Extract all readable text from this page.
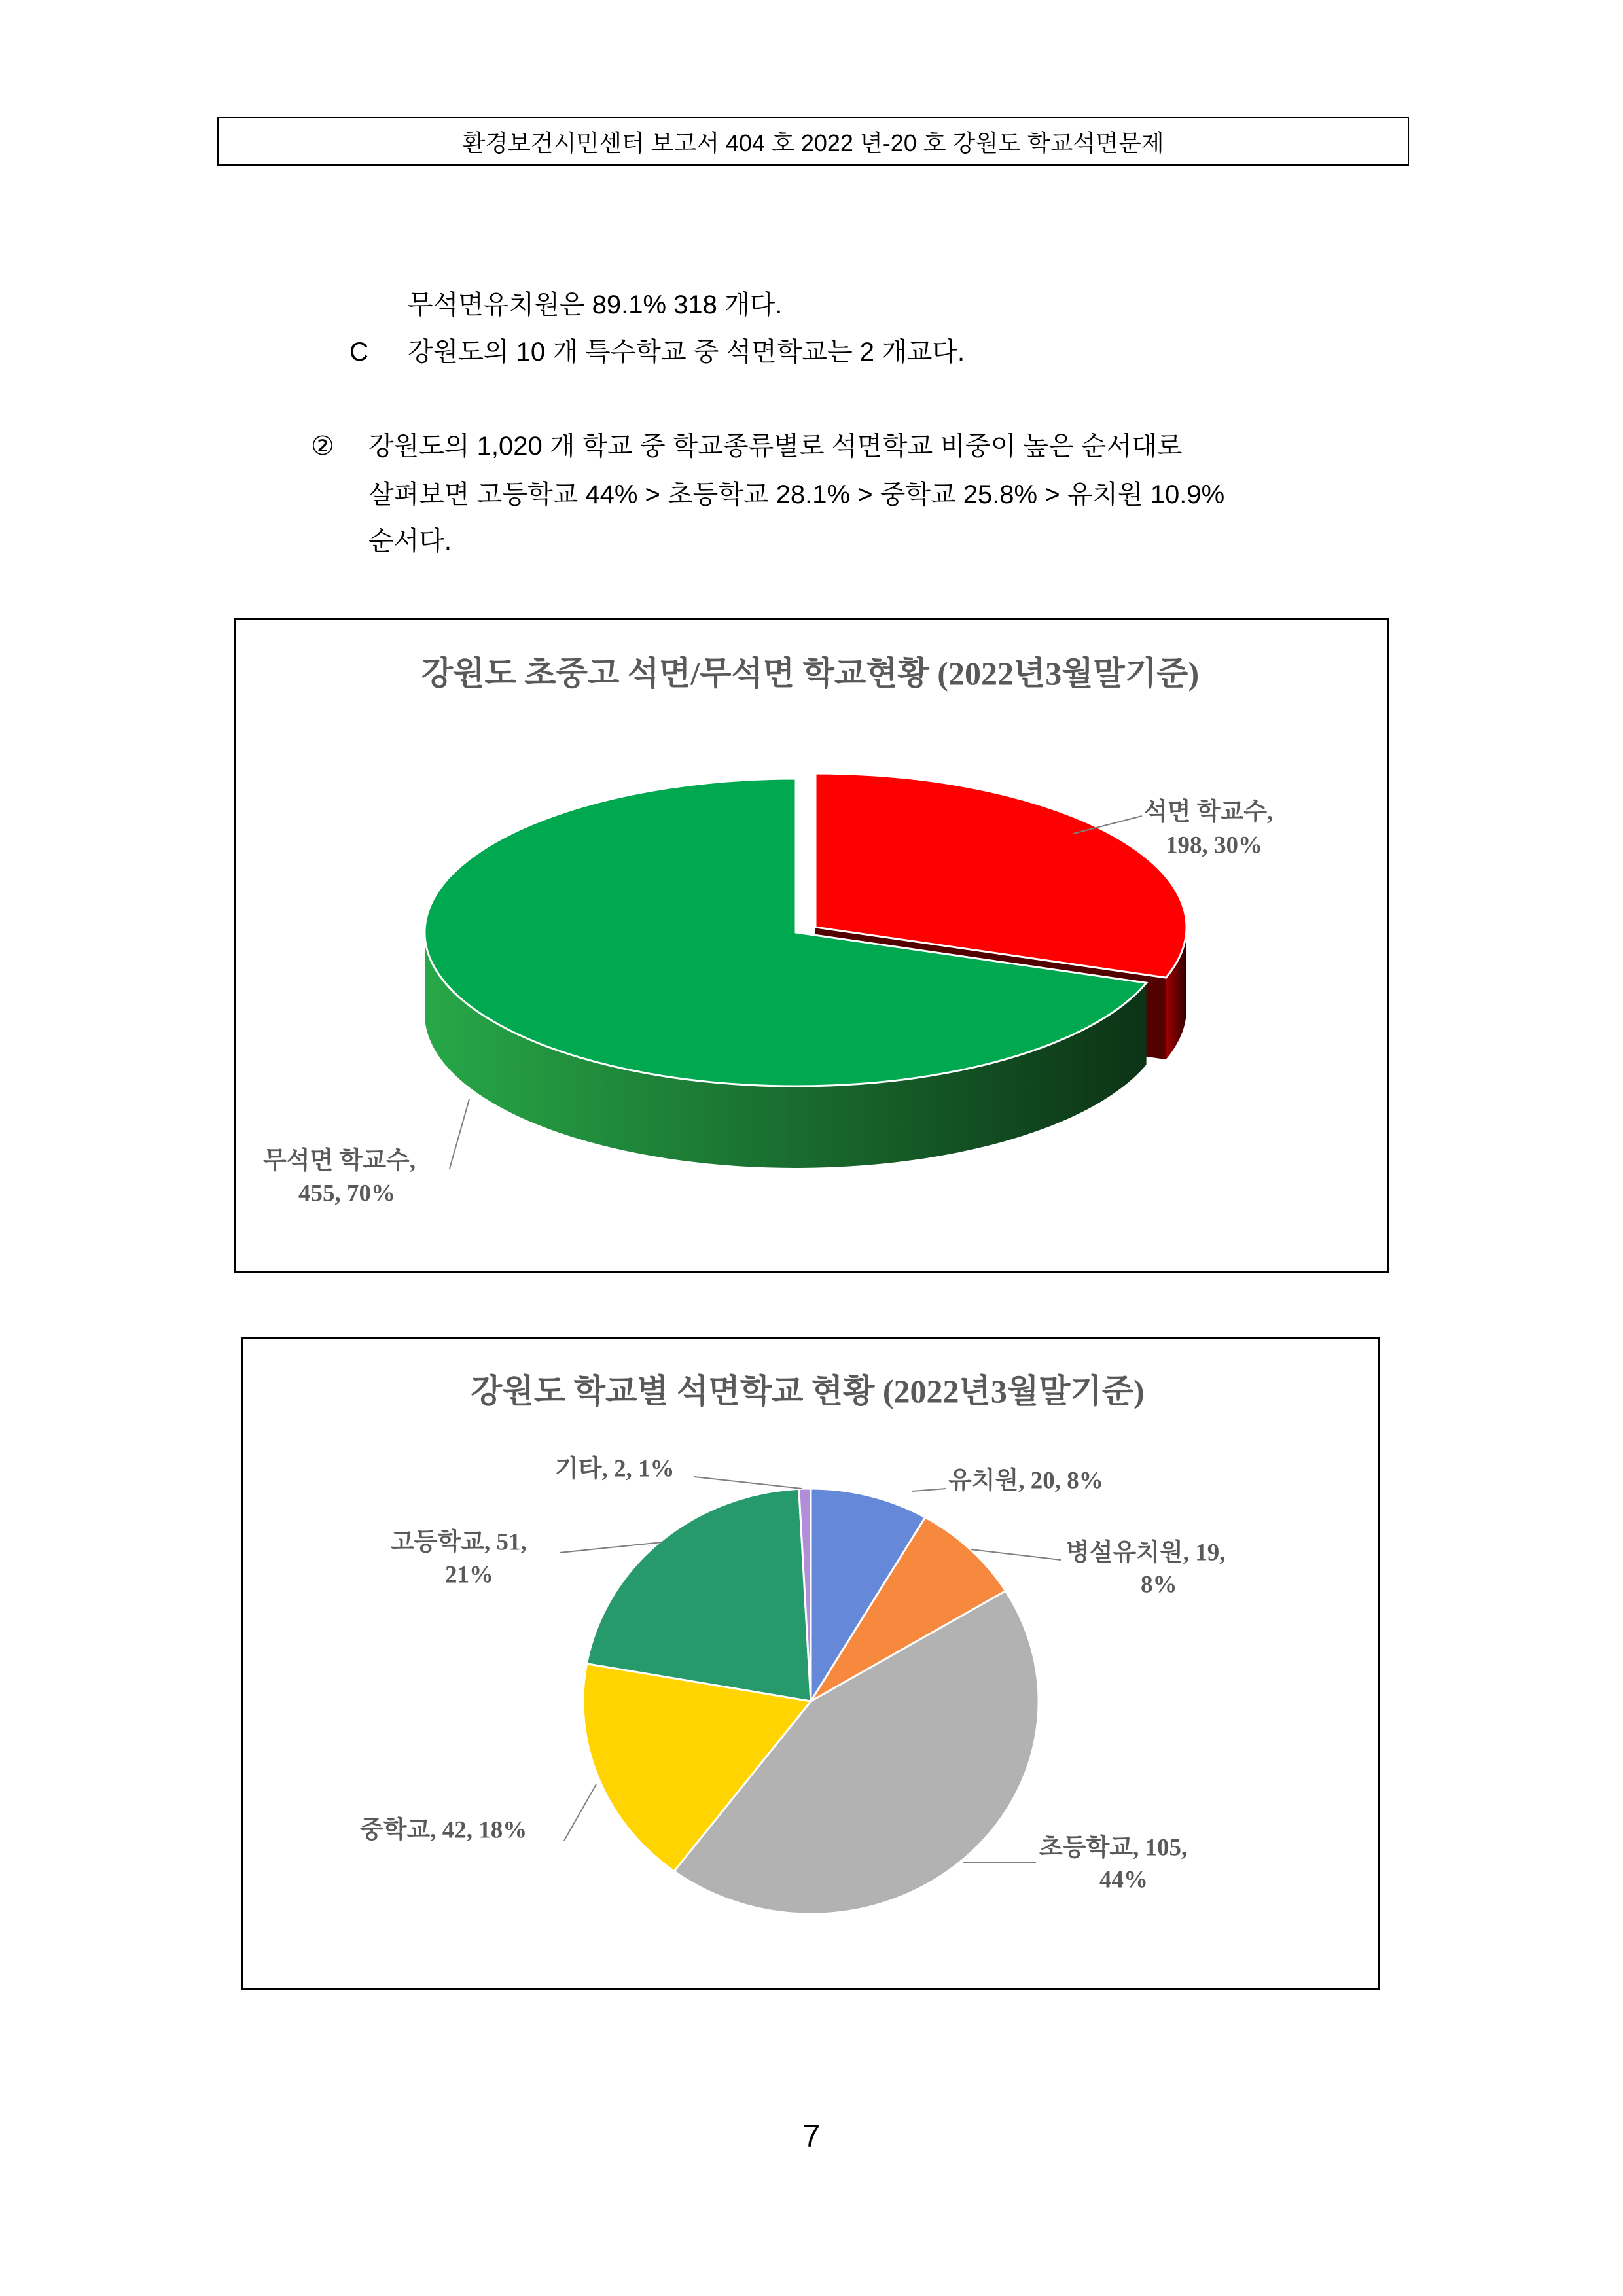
환경보건시민센터 보고서 404 호 2022 년-20 호 강원도 학교석면문제
무석면유치원은 89.1% 318 개다.
C 강원도의 10 개 특수학교 중 석면학교는 2 개교다.
② 강원도의 1,020 개 학교 중 학교종류별로 석면학교 비중이 높은 순서대로
살펴보면 고등학교 44% > 초등학교 28.1% > 중학교 25.8% > 유치원 10.9%
순서다.
강원도 초중고 석면/무석면 학교현황 (2022년3월말기준)
석면 학교수,
198, 30%
무석면 학교수,
455, 70%
강원도 학교별 석면학교 현황 (2022년3월말기준)
유치원, 20, 8%
병설유치원, 19,
8%
초등학교, 105,
44%
중학교, 42, 18%
고등학교, 51,
21%
기타, 2, 1%
7
